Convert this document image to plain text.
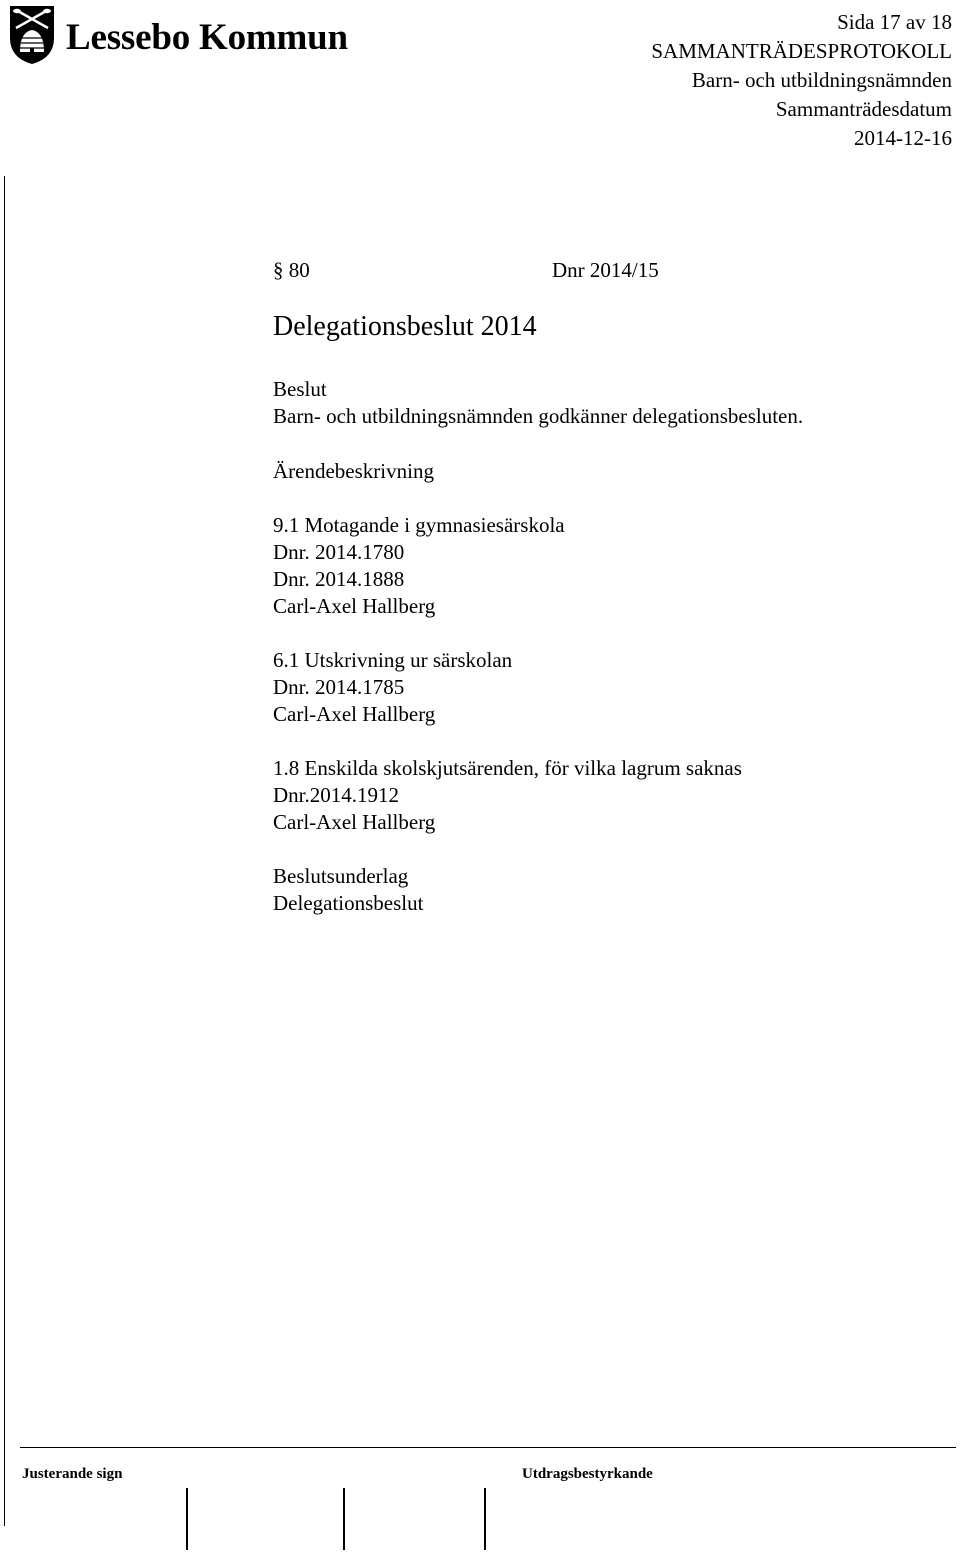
Lessebo Kommun	Sida 17 av 18
SAMMANTRÄDESPROTOKOLL
Barn- och utbildningsnämnden
Sammanträdesdatum
2014-12-16
§ 80	Dnr 2014/15
Delegationsbeslut 2014
Beslut
Barn- och utbildningsnämnden godkänner delegationsbesluten.
Ärendebeskrivning
9.1 Motagande i gymnasiesärskola
Dnr. 2014.1780
Dnr. 2014.1888
Carl-Axel Hallberg
6.1 Utskrivning ur särskolan
Dnr. 2014.1785
Carl-Axel Hallberg
1.8 Enskilda skolskjutsärenden, för vilka lagrum saknas
Dnr.2014.1912
Carl-Axel Hallberg
Beslutsunderlag
Delegationsbeslut
Justerande sign	Utdragsbestyrkande
